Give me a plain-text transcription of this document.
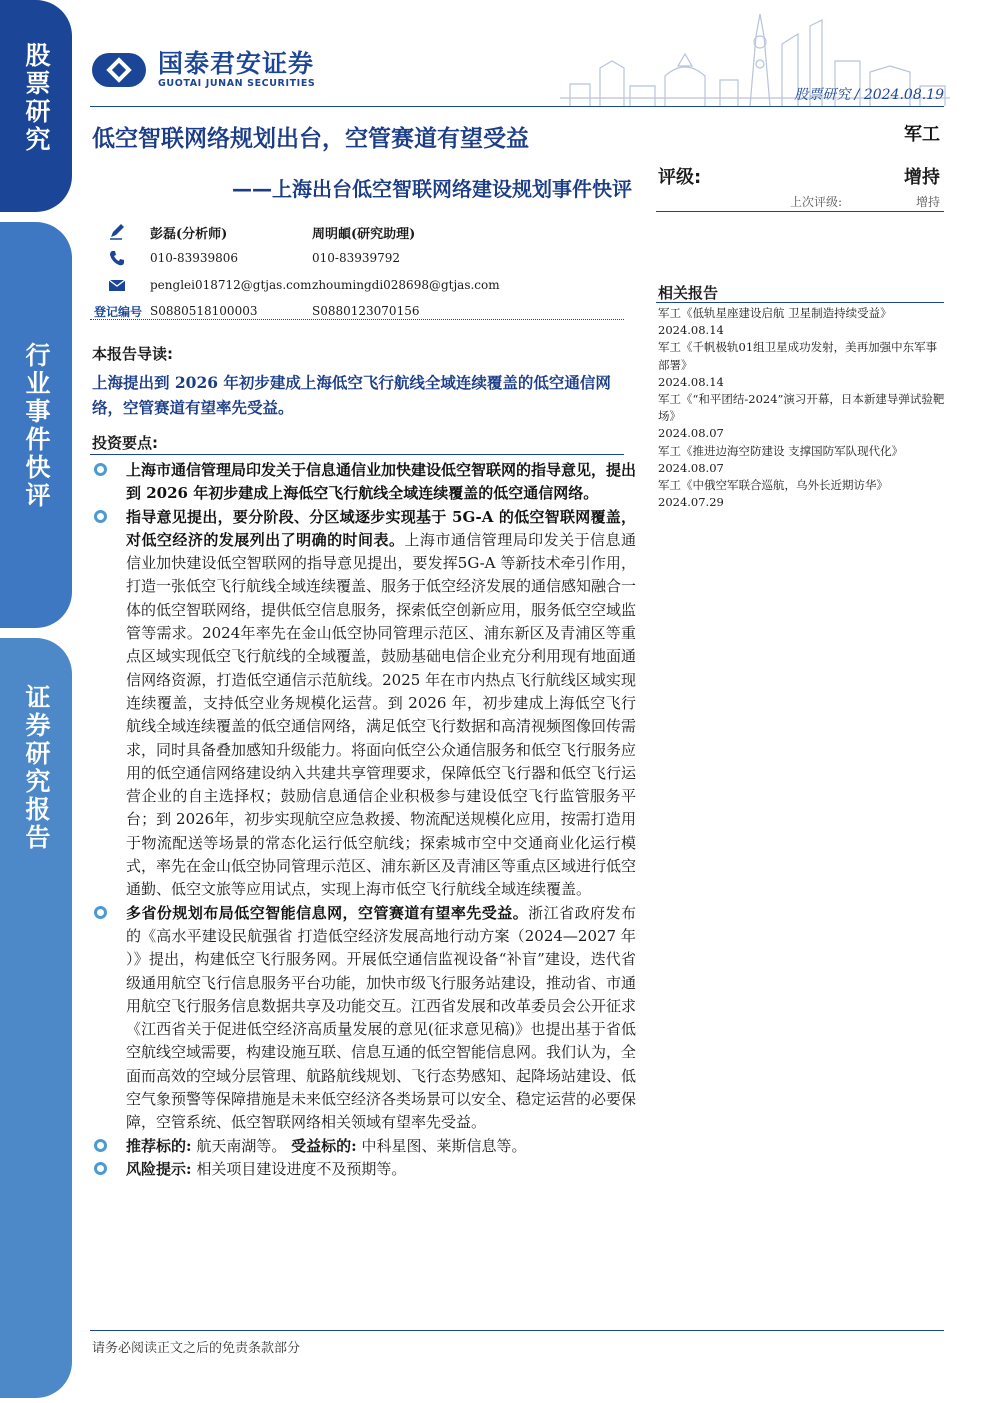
股票研究
行业事件快评
证券研究报告
国泰君安证券
GUOTAI JUNAN SECURITIES
股票研究 / 2024.08.19
低空智联网络规划出台，空管赛道有望受益
——上海出台低空智联网络建设规划事件快评
军工
评级:	增持
上次评级:	增持
彭磊(分析师)
010-83939806
penglei018712@gtjas.com
S0880518100003
周明頔(研究助理)
010-83939792
zhoumingdi028698@gtjas.com
S0880123070156
登记编号
相关报告
军工《低轨星座建设启航 卫星制造持续受益》
2024.08.14
军工《千帆极轨01组卫星成功发射，美再加强中东军事部署》
2024.08.14
军工《“和平团结-2024”演习开幕，日本新建导弹试验靶场》
2024.08.07
军工《推进边海空防建设 支撑国防军队现代化》
2024.08.07
军工《中俄空军联合巡航，乌外长近期访华》
2024.07.29
本报告导读:
上海提出到 2026 年初步建成上海低空飞行航线全域连续覆盖的低空通信网络，空管赛道有望率先受益。
投资要点:
上海市通信管理局印发关于信息通信业加快建设低空智联网的指导意见，提出到 2026 年初步建成上海低空飞行航线全域连续覆盖的低空通信网络。
指导意见提出，要分阶段、分区域逐步实现基于 5G-A 的低空智联网覆盖，对低空经济的发展列出了明确的时间表。上海市通信管理局印发关于信息通信业加快建设低空智联网的指导意见提出，要发挥5G-A 等新技术牵引作用，打造一张低空飞行航线全域连续覆盖、服务于低空经济发展的通信感知融合一体的低空智联网络，提供低空信息服务，探索低空创新应用，服务低空空域监管等需求。2024年率先在金山低空协同管理示范区、浦东新区及青浦区等重点区域实现低空飞行航线的全域覆盖，鼓励基础电信企业充分利用现有地面通信网络资源，打造低空通信示范航线。2025 年在市内热点飞行航线区域实现连续覆盖，支持低空业务规模化运营。到 2026 年，初步建成上海低空飞行航线全域连续覆盖的低空通信网络，满足低空飞行数据和高清视频图像回传需求，同时具备叠加感知升级能力。将面向低空公众通信服务和低空飞行服务应用的低空通信网络建设纳入共建共享管理要求，保障低空飞行器和低空飞行运营企业的自主选择权；鼓励信息通信企业积极参与建设低空飞行监管服务平台；到 2026年，初步实现航空应急救援、物流配送规模化应用，按需打造用于物流配送等场景的常态化运行低空航线；探索城市空中交通商业化运行模式，率先在金山低空协同管理示范区、浦东新区及青浦区等重点区域进行低空通勤、低空文旅等应用试点，实现上海市低空飞行航线全域连续覆盖。
多省份规划布局低空智能信息网，空管赛道有望率先受益。浙江省政府发布的《高水平建设民航强省 打造低空经济发展高地行动方案（2024—2027 年 ）》提出，构建低空飞行服务网。开展低空通信监视设备“补盲”建设，迭代省级通用航空飞行信息服务平台功能，加快市级飞行服务站建设，推动省、市通用航空飞行服务信息数据共享及功能交互。江西省发展和改革委员会公开征求《江西省关于促进低空经济高质量发展的意见(征求意见稿)》也提出基于省低空航线空域需要，构建设施互联、信息互通的低空智能信息网。我们认为，全面而高效的空域分层管理、航路航线规划、飞行态势感知、起降场站建设、低空气象预警等保障措施是未来低空经济各类场景可以安全、稳定运营的必要保障，空管系统、低空智联网络相关领域有望率先受益。
推荐标的: 航天南湖等。 受益标的: 中科星图、莱斯信息等。
风险提示: 相关项目建设进度不及预期等。
请务必阅读正文之后的免责条款部分
